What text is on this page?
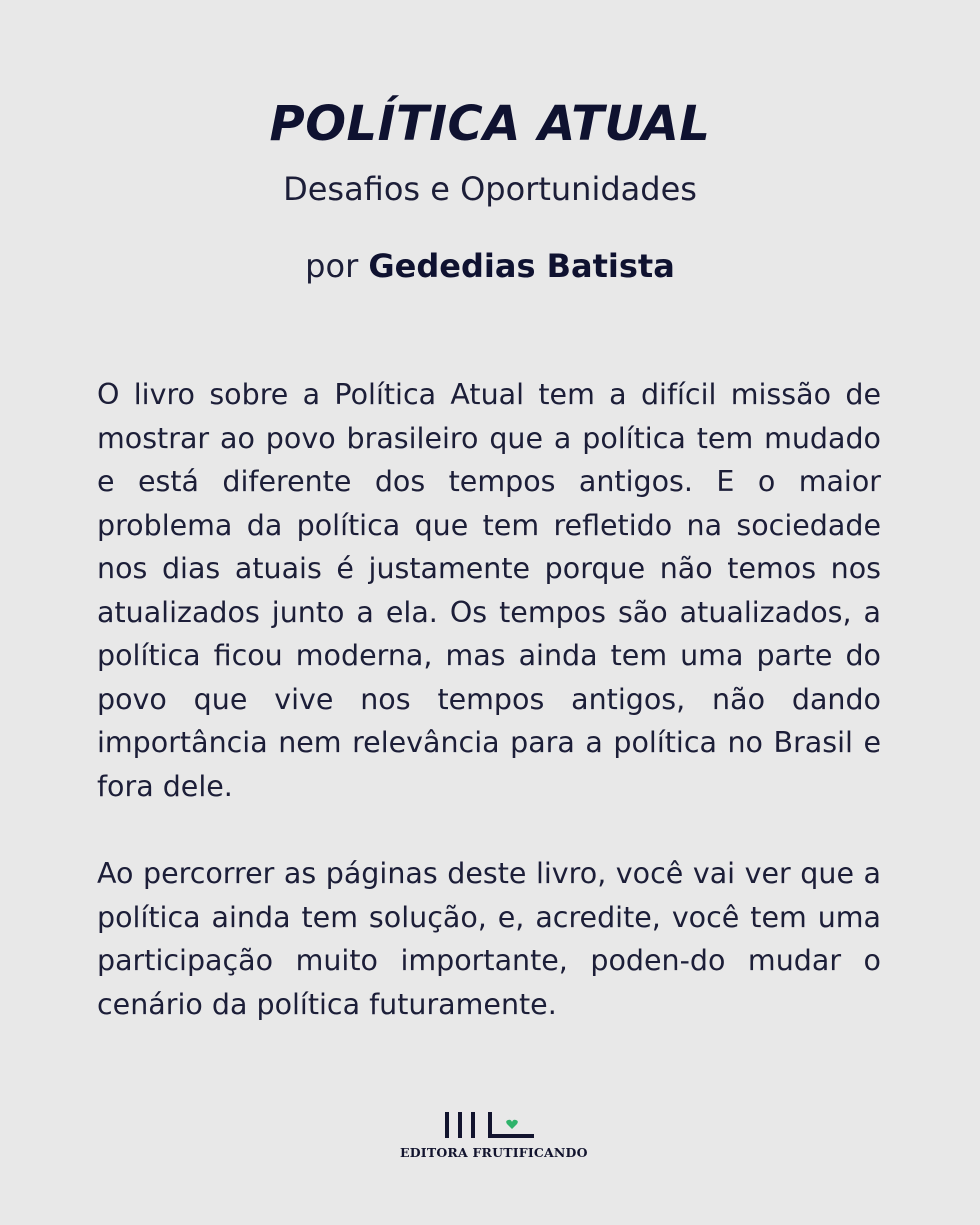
POLÍTICA ATUAL
Desafios e Oportunidades
por Gededias Batista
O livro sobre a Política Atual tem a difícil missão de mostrar ao povo brasileiro que a política tem mudado e está diferente dos tempos antigos. E o maior problema da política que tem refletido na sociedade nos dias atuais é justamente porque não temos nos atualizados junto a ela. Os tempos são atualizados, a política ficou moderna, mas ainda tem uma parte do povo que vive nos tempos antigos, não dando importância nem relevância para a política no Brasil e fora dele.
Ao percorrer as páginas deste livro, você vai ver que a política ainda tem solução, e, acredite, você tem uma participação muito importante, poden-do mudar o cenário da política futuramente.
EDITORA FRUTIFICANDO
